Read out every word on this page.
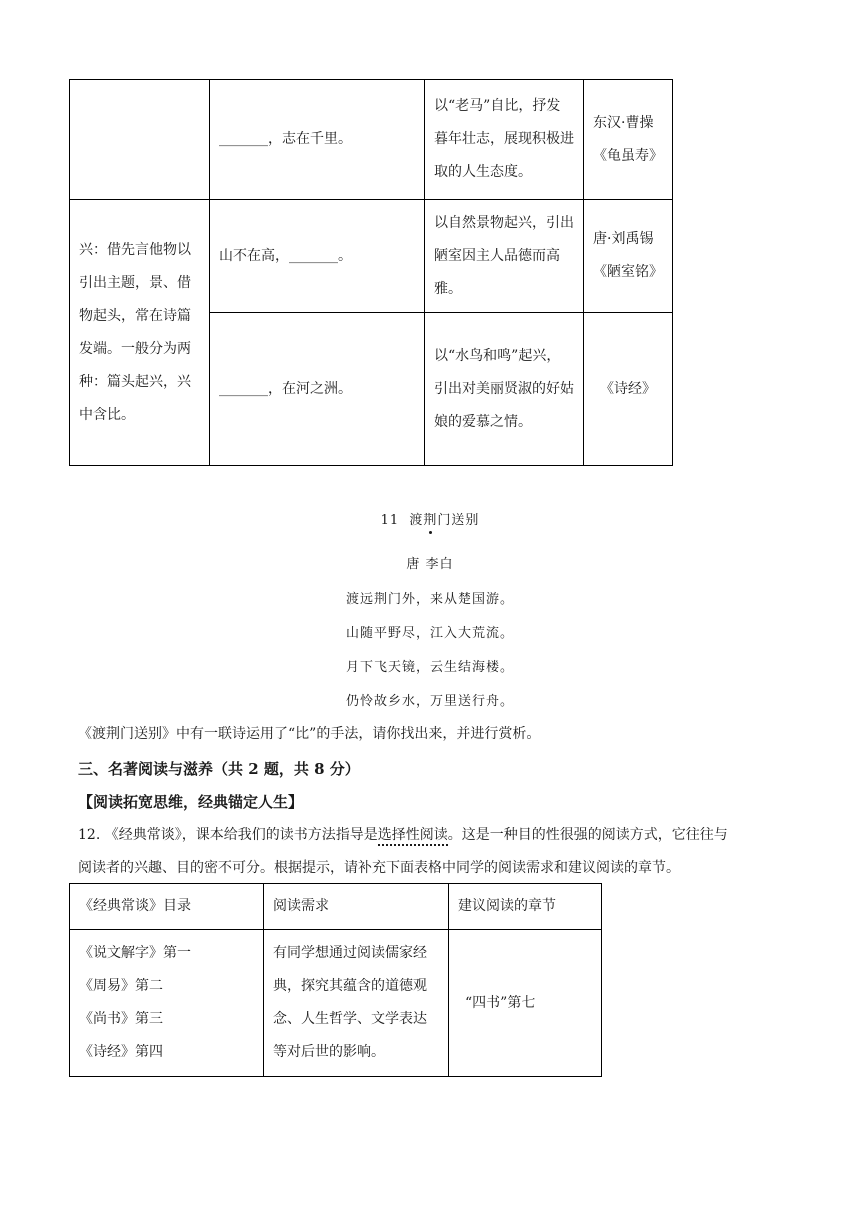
	_______，志在千里。	以“老马”自比，抒发暮年壮志，展现积极进取的人生态度。	东汉·曹操《龟虽寿》
兴：借先言他物以引出主题，景、借物起头，常在诗篇发端。一般分为两种：篇头起兴，兴中含比。	山不在高，_______。	以自然景物起兴，引出陋室因主人品德而高雅。	唐·刘禹锡《陋室铭》
	_______，在河之洲。	以“水鸟和鸣”起兴，引出对美丽贤淑的好姑娘的爱慕之情。	《诗经》
11 渡荆门送别
唐 李白
渡远荆门外，来从楚国游。
山随平野尽，江入大荒流。
月下飞天镜，云生结海楼。
仍怜故乡水，万里送行舟。
《渡荆门送别》中有一联诗运用了“比”的手法，请你找出来，并进行赏析。
三、名著阅读与滋养（共 2 题，共 8 分）
【阅读拓宽思维，经典锚定人生】
12. 《经典常谈》，课本给我们的读书方法指导是选择性阅读。这是一种目的性很强的阅读方式，它往往与
阅读者的兴趣、目的密不可分。根据提示，请补充下面表格中同学的阅读需求和建议阅读的章节。
《经典常谈》目录	阅读需求	建议阅读的章节

《说文解字》第一
《周易》第二
《尚书》第三
《诗经》第四	有同学想通过阅读儒家经典，探究其蕴含的道德观念、人生哲学、文学表达等对后世的影响。	“四书”第七
